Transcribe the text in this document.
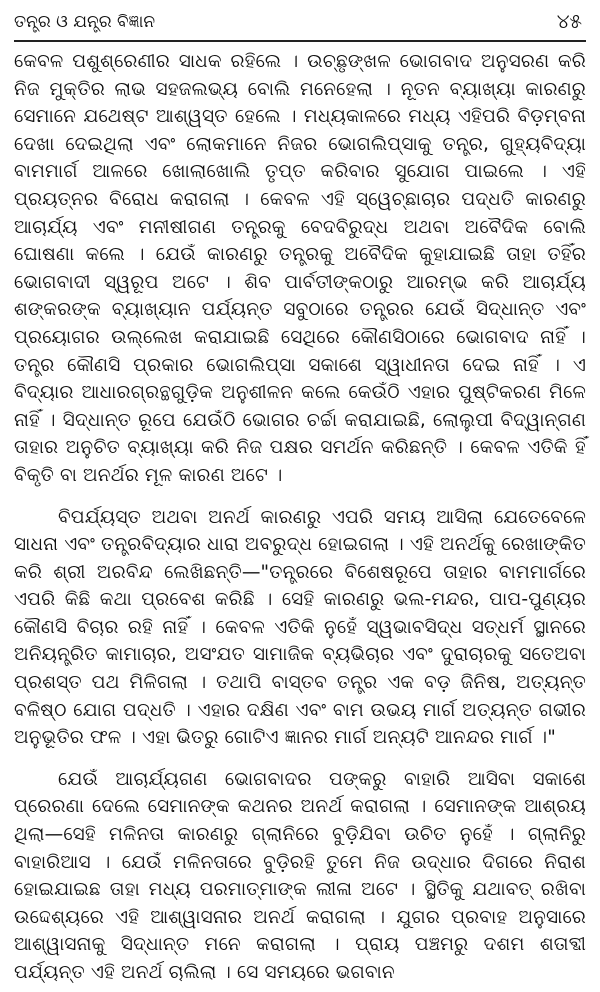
ତନ୍ତ୍ର ଓ ଯନ୍ତ୍ର ବିଜ୍ଞାନ	୪୫

କେବଳ ପଶୁଶ୍ରେଣୀର ସାଧକ ରହିଲେ । ଉଚ୍ଛୃଙ୍ଖଳ ଭୋଗବାଦ ଅନୁସରଣ କରି ନିଜ ମୁକ୍ତିର ଲାଭ ସହଜଲଭ୍ୟ ବୋଲି ମନେହେଲା । ନୂତନ ବ୍ୟାଖ୍ୟା କାରଣରୁ ସେମାନେ ଯଥେଷ୍ଟ ଆଶ୍ୱସ୍ତ ହେଲେ । ମଧ୍ୟକାଳରେ ମଧ୍ୟ ଏହିପରି ବିଡ଼ମ୍ବନା ଦେଖା ଦେଇଥିଲା ଏବଂ ଲୋକମାନେ ନିଜର ଭୋଗଲିପ୍ସାକୁ ତନ୍ତ୍ର, ଗୁହ୍ୟବିଦ୍ୟା ବାମମାର୍ଗ ଆଳରେ ଖୋଲାଖୋଲି ତୃପ୍ତ କରିବାର ସୁଯୋଗ ପାଇଲେ । ଏହି ପ୍ରୟତ୍ନର ବିରୋଧ କରାଗଲା । କେବଳ ଏହି ସ୍ୱେଚ୍ଛାଚାର ପଦ୍ଧତି କାରଣରୁ ଆଚାର୍ଯ୍ୟ ଏବଂ ମନୀଷୀଗଣ ତନ୍ତ୍ରକୁ ବେଦବିରୁଦ୍ଧ ଅଥବା ଅବୈଦିକ ବୋଲି ଘୋଷଣା କଲେ । ଯେଉଁ କାରଣରୁ ତନ୍ତ୍ରକୁ ଅବୈଦିକ କୁହାଯାଇଛି ତାହା ତହିଁର ଭୋଗବାଦୀ ସ୍ୱରୂପ ଅଟେ । ଶିବ ପାର୍ବତୀଙ୍କଠାରୁ ଆରମ୍ଭ କରି ଆଚାର୍ଯ୍ୟ ଶଙ୍କରଙ୍କ ବ୍ୟାଖ୍ୟାନ ପର୍ଯ୍ୟନ୍ତ ସବୁଠାରେ ତନ୍ତ୍ରର ଯେଉଁ ସିଦ୍ଧାନ୍ତ ଏବଂ ପ୍ରୟୋଗର ଉଲ୍ଲେଖ କରାଯାଇଛି ସେଥିରେ କୌଣସିଠାରେ ଭୋଗବାଦ ନାହିଁ । ତନ୍ତ୍ର କୌଣସି ପ୍ରକାର ଭୋଗଲିପ୍ସା ସକାଶେ ସ୍ୱାଧୀନତା ଦେଇ ନାହିଁ । ଏ ବିଦ୍ୟାର ଆଧାରଗ୍ରନ୍ଥଗୁଡ଼ିକ ଅନୁଶୀଳନ କଲେ କେଉଁଠି ଏହାର ପୁଷ୍ଟିକରଣ ମିଳେ ନାହିଁ । ସିଦ୍ଧାନ୍ତ ରୂପେ ଯେଉଁଠି ଭୋଗର ଚର୍ଚ୍ଚା କରାଯାଇଛି, ଲୋଲୁପୀ ବିଦ୍ୱାନ୍‌ଗଣ ତାହାର ଅନୁଚିତ ବ୍ୟାଖ୍ୟା କରି ନିଜ ପକ୍ଷର ସମର୍ଥନ କରିଛନ୍ତି । କେବଳ ଏତିକି ହିଁ ବିକୃତି ବା ଅନର୍ଥର ମୂଳ କାରଣ ଅଟେ ।

ବିପର୍ଯ୍ୟସ୍ତ ଅଥବା ଅନର୍ଥ କାରଣରୁ ଏପରି ସମୟ ଆସିଲା ଯେତେବେଳେ ସାଧନା ଏବଂ ତନ୍ତ୍ରବିଦ୍ୟାର ଧାରା ଅବରୁଦ୍ଧ ହୋଇଗଲା । ଏହି ଅନର୍ଥକୁ ରେଖାଙ୍କିତ କରି ଶ୍ରୀ ଅରବିନ୍ଦ ଲେଖିଛନ୍ତି—"ତନ୍ତ୍ରରେ ବିଶେଷରୂପେ ତାହାର ବାମମାର୍ଗରେ ଏପରି କିଛି କଥା ପ୍ରବେଶ କରିଛି । ସେହି କାରଣରୁ ଭଲ-ମନ୍ଦର, ପାପ-ପୁଣ୍ୟର କୌଣସି ବିଚାର ରହି ନାହିଁ । କେବଳ ଏତିକି ନୁହେଁ ସ୍ୱଭାବସିଦ୍ଧ ସତ୍‌ଧର୍ମ ସ୍ଥାନରେ ଅନିୟନ୍ତ୍ରିତ କାମାଚାର, ଅସଂଯତ ସାମାଜିକ ବ୍ୟଭିଚାର ଏବଂ ଦୁରାଚାରକୁ ସତେଅବା ପ୍ରଶସ୍ତ ପଥ ମିଳିଗଲା । ତଥାପି ବାସ୍ତବ ତନ୍ତ୍ର ଏକ ବଡ଼ ଜିନିଷ, ଅତ୍ୟନ୍ତ ବଳିଷ୍ଠ ଯୋଗ ପଦ୍ଧତି । ଏହାର ଦକ୍ଷିଣ ଏବଂ ବାମ ଉଭୟ ମାର୍ଗ ଅତ୍ୟନ୍ତ ଗଭୀର ଅନୁଭୂତିର ଫଳ । ଏହା ଭିତରୁ ଗୋଟିଏ ଜ୍ଞାନର ମାର୍ଗ ଅନ୍ୟଟି ଆନନ୍ଦର ମାର୍ଗ ।"

ଯେଉଁ ଆଚାର୍ଯ୍ୟଗଣ ଭୋଗବାଦର ପଙ୍କରୁ ବାହାରି ଆସିବା ସକାଶେ ପ୍ରେରଣା ଦେଲେ ସେମାନଙ୍କ କଥନର ଅନର୍ଥ କରାଗଲା । ସେମାନଙ୍କ ଆଶ୍ରୟ ଥିଲା—ସେହି ମଳିନତା କାରଣରୁ ଗ୍ଲାନିରେ ବୁଡ଼ିଯିବା ଉଚିତ ନୁହେଁ । ଗ୍ଲାନିରୁ ବାହାରିଆସ । ଯେଉଁ ମଳିନତାରେ ବୁଡ଼ିରହି ତୁମେ ନିଜ ଉଦ୍ଧାର ଦିଗରେ ନିରାଶ ହୋଇଯାଇଛ ତାହା ମଧ୍ୟ ପରମାତ୍ମାଙ୍କ ଲୀଳା ଅଟେ । ସ୍ଥିତିକୁ ଯଥାବତ୍ ରଖିବା ଉଦ୍ଦେଶ୍ୟରେ ଏହି ଆଶ୍ୱାସନାର ଅନର୍ଥ କରାଗଲା । ଯୁଗର ପ୍ରବାହ ଅନୁସାରେ ଆଶ୍ୱାସନାକୁ ସିଦ୍ଧାନ୍ତ ମନେ କରାଗଲା । ପ୍ରାୟ ପଞ୍ଚମରୁ ଦଶମ ଶତାବ୍ଦୀ ପର୍ଯ୍ୟନ୍ତ ଏହି ଅନର୍ଥ ଚାଲିଲା । ସେ ସମୟରେ ଭଗବାନ
